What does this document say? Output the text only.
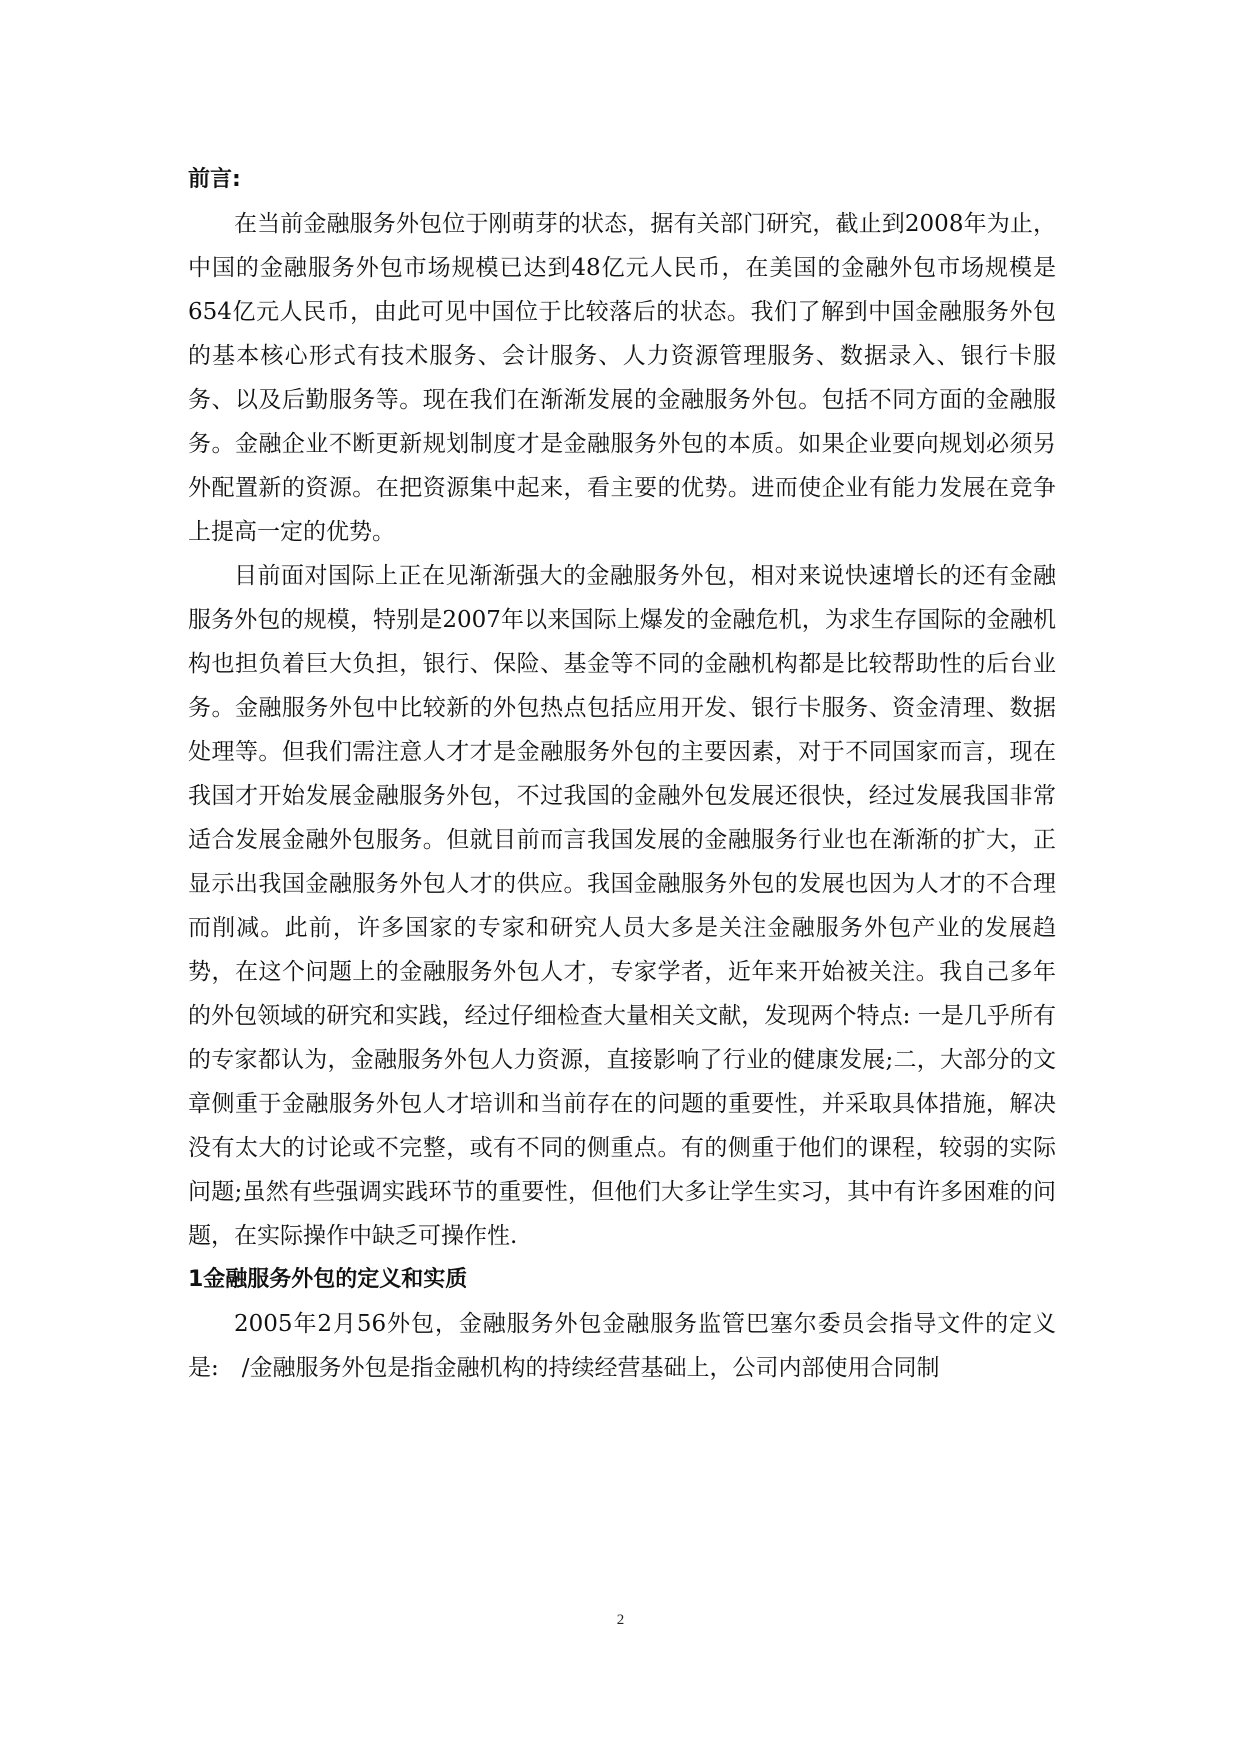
前言:

在当前金融服务外包位于刚萌芽的状态，据有关部门研究，截止到2008年为止，中国的金融服务外包市场规模已达到48亿元人民币，在美国的金融外包市场规模是654亿元人民币，由此可见中国位于比较落后的状态。我们了解到中国金融服务外包的基本核心形式有技术服务、会计服务、人力资源管理服务、数据录入、银行卡服务、以及后勤服务等。现在我们在渐渐发展的金融服务外包。包括不同方面的金融服务。金融企业不断更新规划制度才是金融服务外包的本质。如果企业要向规划必须另外配置新的资源。在把资源集中起来，看主要的优势。进而使企业有能力发展在竞争上提高一定的优势。

目前面对国际上正在见渐渐强大的金融服务外包，相对来说快速增长的还有金融服务外包的规模，特别是2007年以来国际上爆发的金融危机，为求生存国际的金融机构也担负着巨大负担，银行、保险、基金等不同的金融机构都是比较帮助性的后台业务。金融服务外包中比较新的外包热点包括应用开发、银行卡服务、资金清理、数据处理等。但我们需注意人才才是金融服务外包的主要因素，对于不同国家而言，现在我国才开始发展金融服务外包，不过我国的金融外包发展还很快，经过发展我国非常适合发展金融外包服务。但就目前而言我国发展的金融服务行业也在渐渐的扩大，正显示出我国金融服务外包人才的供应。我国金融服务外包的发展也因为人才的不合理而削减。此前，许多国家的专家和研究人员大多是关注金融服务外包产业的发展趋势，在这个问题上的金融服务外包人才，专家学者，近年来开始被关注。我自己多年的外包领域的研究和实践，经过仔细检查大量相关文献，发现两个特点: 一是几乎所有的专家都认为，金融服务外包人力资源，直接影响了行业的健康发展;二，大部分的文章侧重于金融服务外包人才培训和当前存在的问题的重要性，并采取具体措施，解决没有太大的讨论或不完整，或有不同的侧重点。有的侧重于他们的课程，较弱的实际问题;虽然有些强调实践环节的重要性，但他们大多让学生实习，其中有许多困难的问题，在实际操作中缺乏可操作性.

1金融服务外包的定义和实质

2005年2月56外包，金融服务外包金融服务监管巴塞尔委员会指导文件的定义是:　/金融服务外包是指金融机构的持续经营基础上，公司内部使用合同制

2
